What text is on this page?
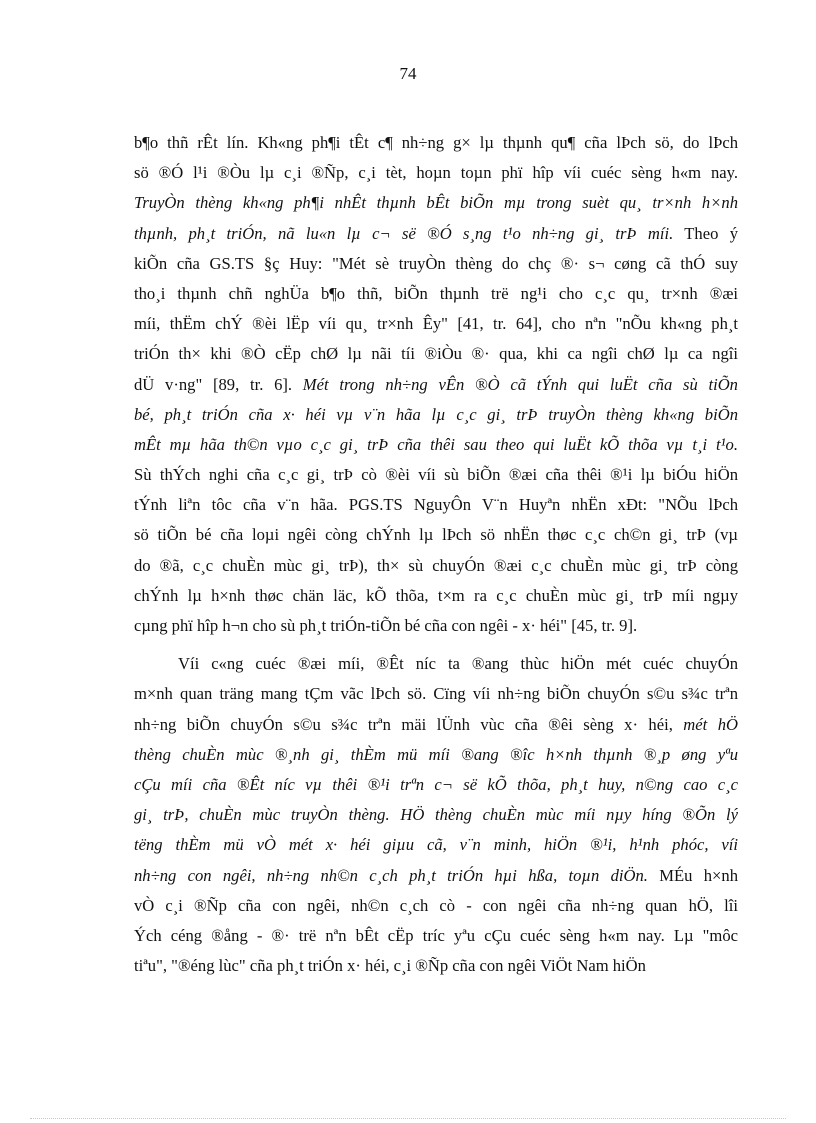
74
b¶o thñ rÊt lín. Kh«ng ph¶i tÊt c¶ nh÷ng g× lµ thµnh qu¶ cña lÞch sö, do lÞch
sö ®Ó l¹i ®Òu lµ c¸i ®Ñp, c¸i tèt, hoµn toµn phï hîp víi cuéc sèng h«m nay.
TruyÒn thèng kh«ng ph¶i nhÊt thµnh bÊt biÕn mµ trong suèt qu¸ tr×nh h×nh
thµnh, ph¸t triÓn, nã lu«n lµ c¬ së ®Ó s¸ng t¹o nh÷ng gi¸ trÞ míi. Theo ý
kiÕn cña GS.TS §ç Huy: "Mét sè truyÒn thèng do chç ®· s¬ cøng cã thÓ suy
tho¸i thµnh chñ nghÜa b¶o thñ, biÕn thµnh trë ng¹i cho c¸c qu¸ tr×nh ®æi
míi, thËm chÝ ®èi lËp víi qu¸ tr×nh Êy" [41, tr. 64], cho nªn "nÕu kh«ng ph¸t
triÓn th× khi ®Ò cËp chØ lµ nãi tíi ®iÒu ®· qua, khi ca ngîi chØ lµ ca ngîi
dÜ v·ng" [89, tr. 6]. Mét trong nh÷ng vÊn ®Ò cã tÝnh qui luËt cña sù tiÕn
bé, ph¸t triÓn cña x· héi vµ v¨n hãa lµ c¸c gi¸ trÞ truyÒn thèng kh«ng biÕn
mÊt mµ hãa th©n vµo c¸c gi¸ trÞ cña thêi sau theo qui luËt kÕ thõa vµ t¸i t¹o.
Sù thÝch nghi cña c¸c gi¸ trÞ cò ®èi víi sù biÕn ®æi cña thêi ®¹i lµ biÓu hiÖn
tÝnh liªn tôc cña v¨n hãa. PGS.TS NguyÔn V¨n Huyªn nhËn xÐt: "NÕu lÞch
sö tiÕn bé cña loµi ngêi còng chÝnh lµ lÞch sö nhËn thøc c¸c ch©n gi¸ trÞ (vµ
do ®ã, c¸c chuÈn mùc gi¸ trÞ), th× sù chuyÓn ®æi c¸c chuÈn mùc gi¸ trÞ còng
chÝnh lµ h×nh thøc chän läc, kÕ thõa, t×m ra c¸c chuÈn mùc gi¸ trÞ míi ngµy
cµng phï hîp h¬n cho sù ph¸t triÓn-tiÕn bé cña con ngêi - x· héi" [45, tr. 9].
Víi c«ng cuéc ®æi míi, ®Êt níc ta ®ang thùc hiÖn mét cuéc chuyÓn
m×nh quan träng mang tÇm vãc lÞch sö. Cïng víi nh÷ng biÕn chuyÓn s©u s¾c trªn
nh÷ng biÕn chuyÓn s©u s¾c trªn mäi lÜnh vùc cña ®êi sèng x· héi, mét hÖ
thèng chuÈn mùc ®¸nh gi¸ thÈm mü míi ®ang ®îc h×nh thµnh ®¸p øng yªu
cÇu míi cña ®Êt níc vµ thêi ®¹i trªn c¬ së kÕ thõa, ph¸t huy, n©ng cao c¸c
gi¸ trÞ, chuÈn mùc truyÒn thèng. HÖ thèng chuÈn mùc míi nµy híng ®Õn lý
tëng thÈm mü vÒ mét x· héi giµu cã, v¨n minh, hiÖn ®¹i, h¹nh phóc, víi
nh÷ng con ngêi, nh÷ng nh©n c¸ch ph¸t triÓn hµi hßa, toµn diÖn. MÉu h×nh
vÒ c¸i ®Ñp cña con ngêi, nh©n c¸ch cò - con ngêi cña nh÷ng quan hÖ, lîi
Ých céng ®ång - ®· trë nªn bÊt cËp tríc yªu cÇu cuéc sèng h«m nay. Lµ "môc
tiªu", "®éng lùc" cña ph¸t triÓn x· héi, c¸i ®Ñp cña con ngêi ViÖt Nam hiÖn
